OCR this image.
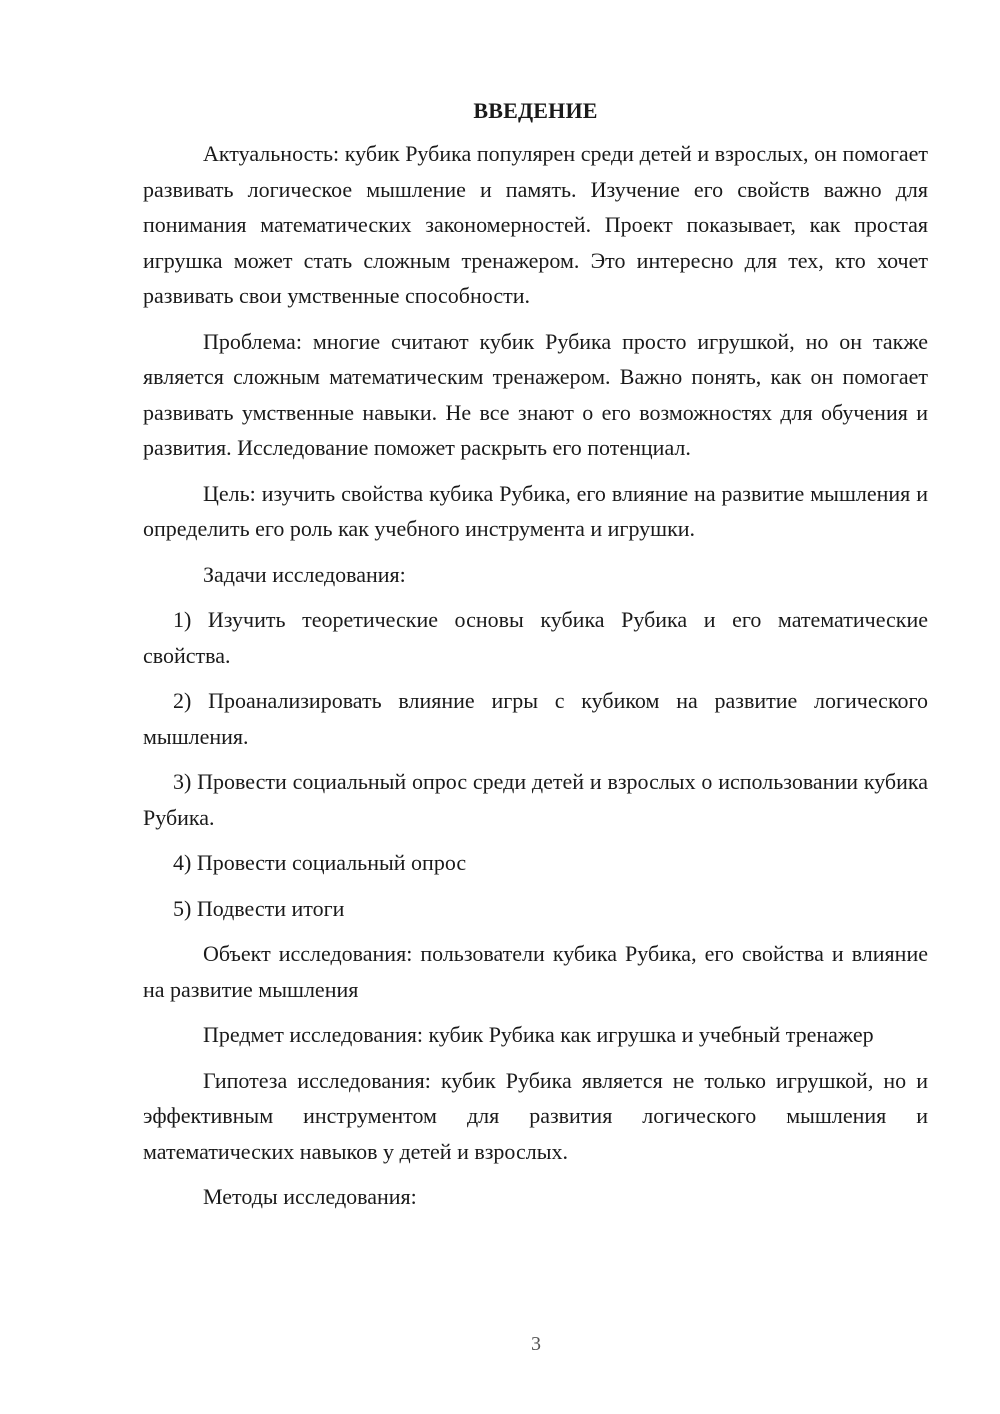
ВВЕДЕНИЕ

Актуальность: кубик Рубика популярен среди детей и взрослых, он помогает развивать логическое мышление и память. Изучение его свойств важно для понимания математических закономерностей. Проект показывает, как простая игрушка может стать сложным тренажером. Это интересно для тех, кто хочет развивать свои умственные способности.

Проблема: многие считают кубик Рубика просто игрушкой, но он также является сложным математическим тренажером. Важно понять, как он помогает развивать умственные навыки. Не все знают о его возможностях для обучения и развития. Исследование поможет раскрыть его потенциал.

Цель: изучить свойства кубика Рубика, его влияние на развитие мышления и определить его роль как учебного инструмента и игрушки.

Задачи исследования:

1) Изучить теоретические основы кубика Рубика и его математические свойства.

2) Проанализировать влияние игры с кубиком на развитие логического мышления.

3) Провести социальный опрос среди детей и взрослых о использовании кубика Рубика.

4) Провести социальный опрос

5) Подвести итоги

Объект исследования: пользователи кубика Рубика, его свойства и влияние на развитие мышления

Предмет исследования: кубик Рубика как игрушка и учебный тренажер

Гипотеза исследования: кубик Рубика является не только игрушкой, но и эффективным инструментом для развития логического мышления и математических навыков у детей и взрослых.

Методы исследования:

3
